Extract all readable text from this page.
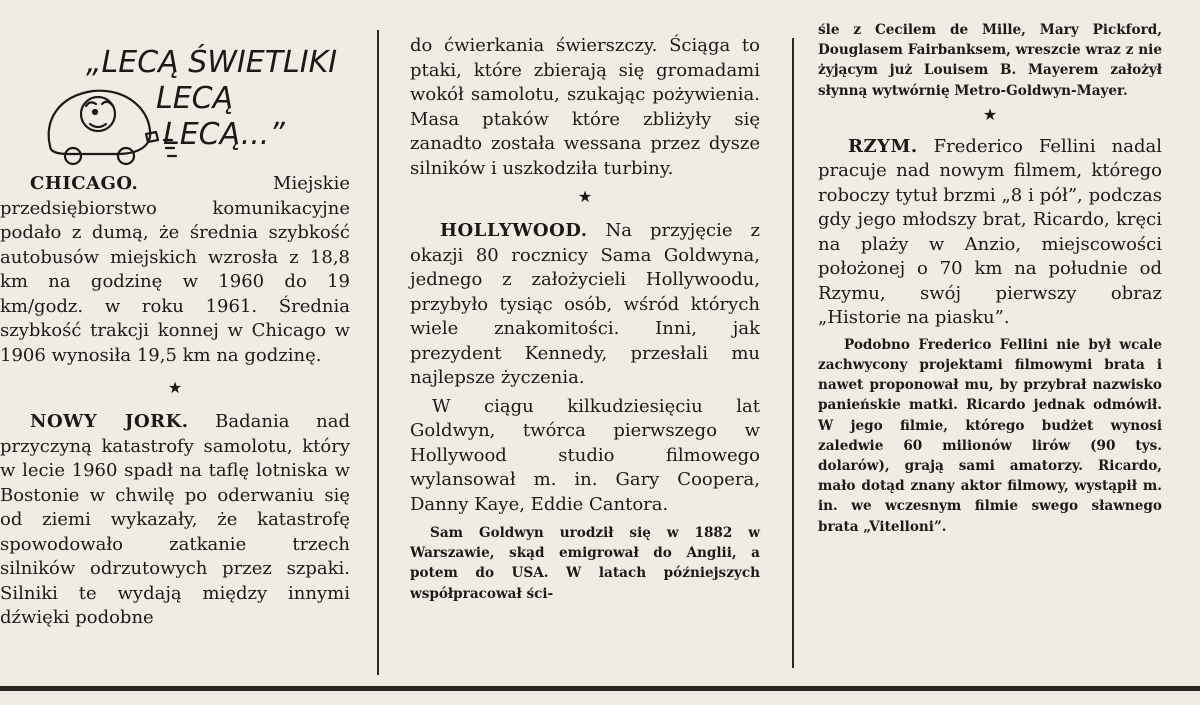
„LECĄ ŚWIETLIKI
LECĄ
LECĄ...”

CHICAGO. Miejskie przedsiębiorstwo komunikacyjne podało z dumą, że średnia szybkość autobusów miejskich wzrosła z 18,8 km na godzinę w 1960 do 19 km/godz. w roku 1961. Średnia szybkość trakcji konnej w Chicago w 1906 wynosiła 19,5 km na godzinę.

★

NOWY JORK. Badania nad przyczyną katastrofy samolotu, który w lecie 1960 spadł na taflę lotniska w Bostonie w chwilę po oderwaniu się od ziemi wykazały, że katastrofę spowodowało zatkanie trzech silników odrzutowych przez szpaki. Silniki te wydają między innymi dźwięki podobne

do ćwierkania świerszczy. Ściąga to ptaki, które zbierają się gromadami wokół samolotu, szukając pożywienia. Masa ptaków które zbliżyły się zanadto została wessana przez dysze silników i uszkodziła turbiny.

★

HOLLYWOOD. Na przyjęcie z okazji 80 rocznicy Sama Goldwyna, jednego z założycieli Hollywoodu, przybyło tysiąc osób, wśród których wiele znakomitości. Inni, jak prezydent Kennedy, przesłali mu najlepsze życzenia.

W ciągu kilkudziesięciu lat Goldwyn, twórca pierwszego w Hollywood studio filmowego wylansował m. in. Gary Coopera, Danny Kaye, Eddie Cantora.

Sam Goldwyn urodził się w 1882 w Warszawie, skąd emigrował do Anglii, a potem do USA. W latach późniejszych współpracował ści-

śle z Cecilem de Mille, Mary Pickford, Douglasem Fairbanksem, wreszcie wraz z nie żyjącym już Louisem B. Mayerem założył słynną wytwórnię Metro-Goldwyn-Mayer.

★

RZYM. Frederico Fellini nadal pracuje nad nowym filmem, którego roboczy tytuł brzmi „8 i pół”, podczas gdy jego młodszy brat, Ricardo, kręci na plaży w Anzio, miejscowości położonej o 70 km na południe od Rzymu, swój pierwszy obraz „Historie na piasku”.

Podobno Frederico Fellini nie był wcale zachwycony projektami filmowymi brata i nawet proponował mu, by przybrał nazwisko panieńskie matki. Ricardo jednak odmówił. W jego filmie, którego budżet wynosi zaledwie 60 milionów lirów (90 tys. dolarów), grają sami amatorzy. Ricardo, mało dotąd znany aktor filmowy, wystąpił m. in. we wczesnym filmie swego sławnego brata „Vitelloni”.
